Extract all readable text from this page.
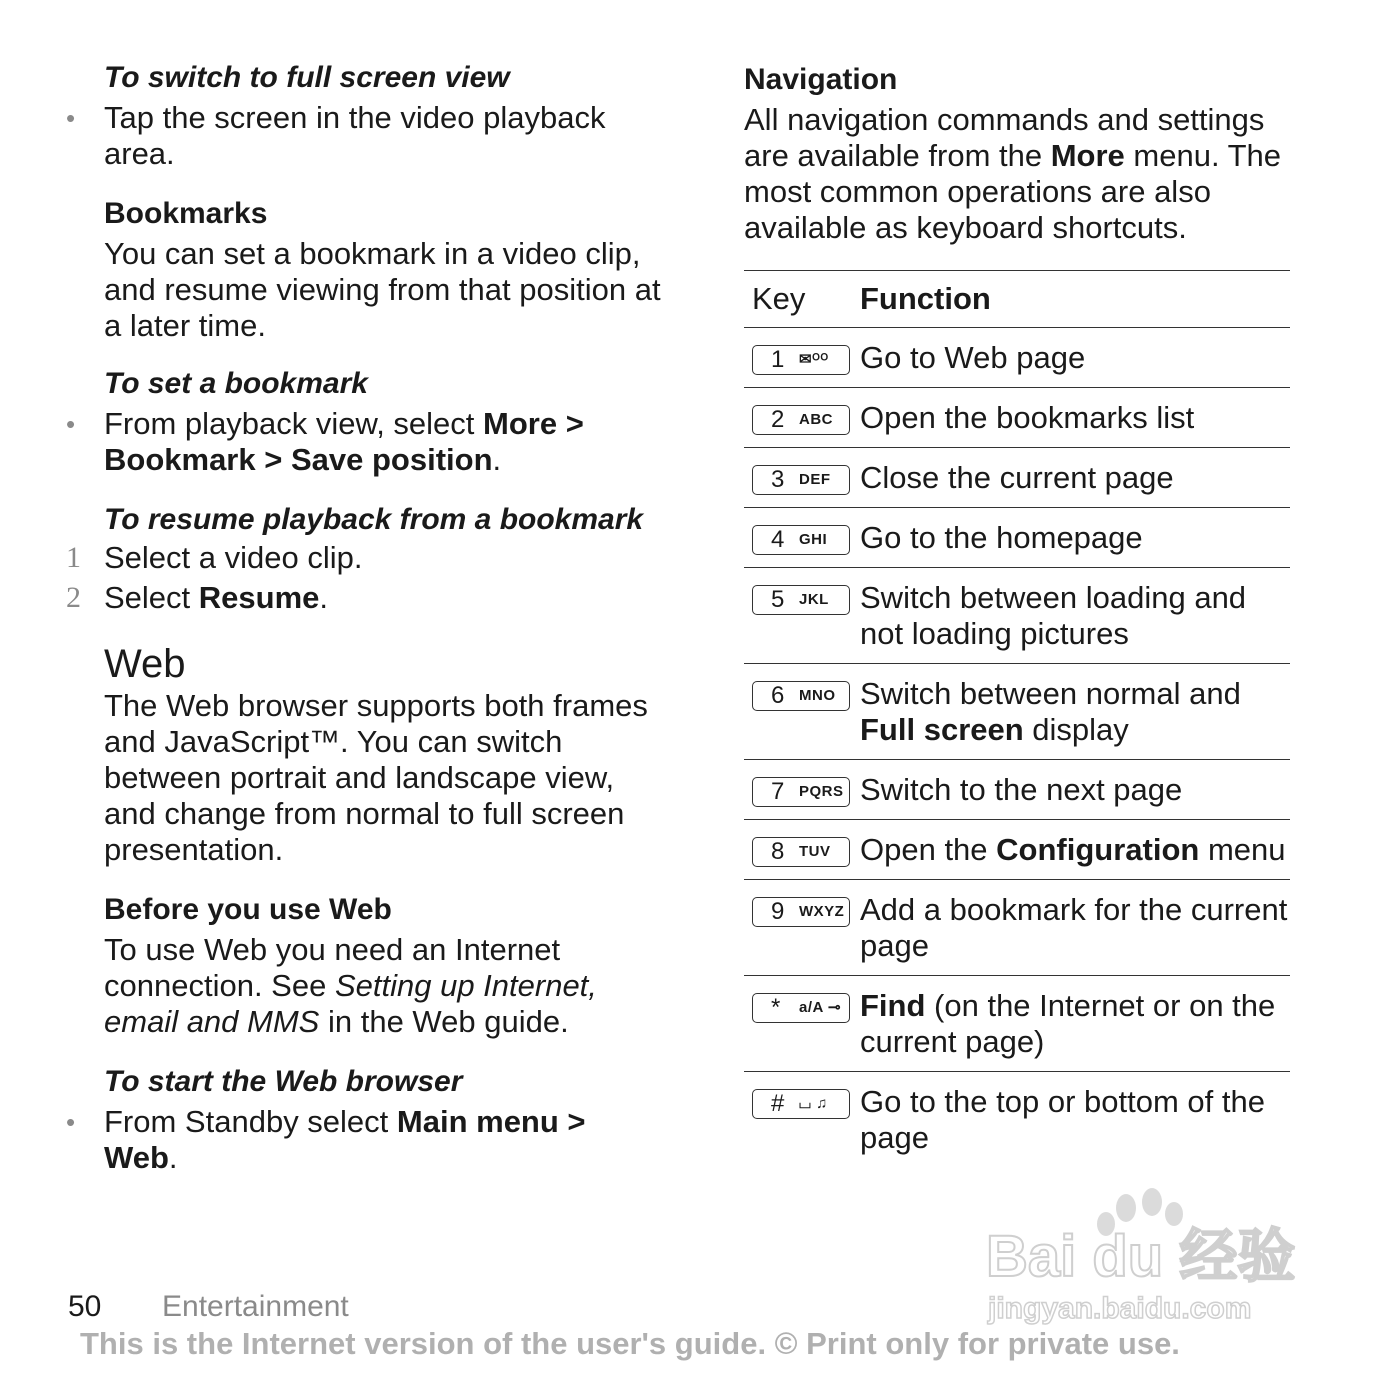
To switch to full screen view
• Tap the screen in the video playback area.
Bookmarks
You can set a bookmark in a video clip, and resume viewing from that position at a later time.
To set a bookmark
• From playback view, select More > Bookmark > Save position.
To resume playback from a bookmark
1 Select a video clip.
2 Select Resume.
Web
The Web browser supports both frames and JavaScript™. You can switch between portrait and landscape view, and change from normal to full screen presentation.
Before you use Web
To use Web you need an Internet connection. See Setting up Internet, email and MMS in the Web guide.
To start the Web browser
• From Standby select Main menu > Web.
Navigation
All navigation commands and settings are available from the More menu. The most common operations are also available as keyboard shortcuts.
Key	Function

1 ✉ᴼᴼ	Go to Web page

2 ABC	Open the bookmarks list

3 DEF	Close the current page

4 GHI	Go to the homepage

5 JKL	Switch between loading and not loading pictures

6 MNO	Switch between normal and Full screen display

7 PQRS	Switch to the next page

8 TUV	Open the Configuration menu

9 WXYZ	Add a bookmark for the current page

* a/A ⊸	Find (on the Internet or on the current page)

# ⌴ ♫	Go to the top or bottom of the page
50 Entertainment
This is the Internet version of the user's guide. © Print only for private use.
Bai du 经验
jingyan.baidu.com
